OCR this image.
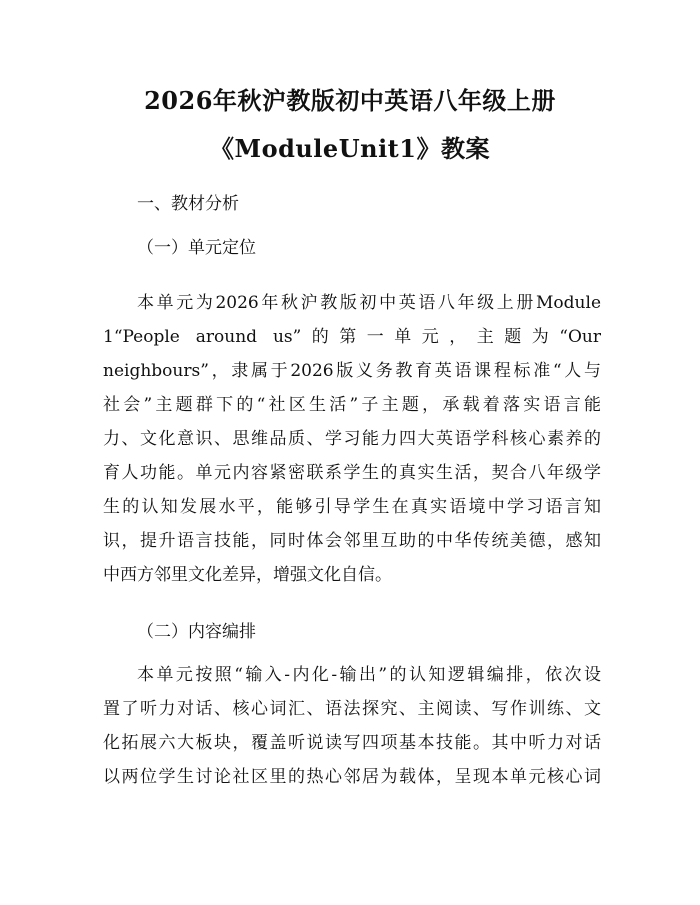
2026年秋沪教版初中英语八年级上册
《ModuleUnit1》教案
一、教材分析
（一）单元定位
本单元为2026年秋沪教版初中英语八年级上册Module
1“People around us”的第一单元，主题为“Our
neighbours”，隶属于2026版义务教育英语课程标准“人与
社会”主题群下的“社区生活”子主题，承载着落实语言能
力、文化意识、思维品质、学习能力四大英语学科核心素养的
育人功能。单元内容紧密联系学生的真实生活，契合八年级学
生的认知发展水平，能够引导学生在真实语境中学习语言知
识，提升语言技能，同时体会邻里互助的中华传统美德，感知
中西方邻里文化差异，增强文化自信。
（二）内容编排
本单元按照“输入-内化-输出”的认知逻辑编排，依次设
置了听力对话、核心词汇、语法探究、主阅读、写作训练、文
化拓展六大板块，覆盖听说读写四项基本技能。其中听力对话
以两位学生讨论社区里的热心邻居为载体，呈现本单元核心词
